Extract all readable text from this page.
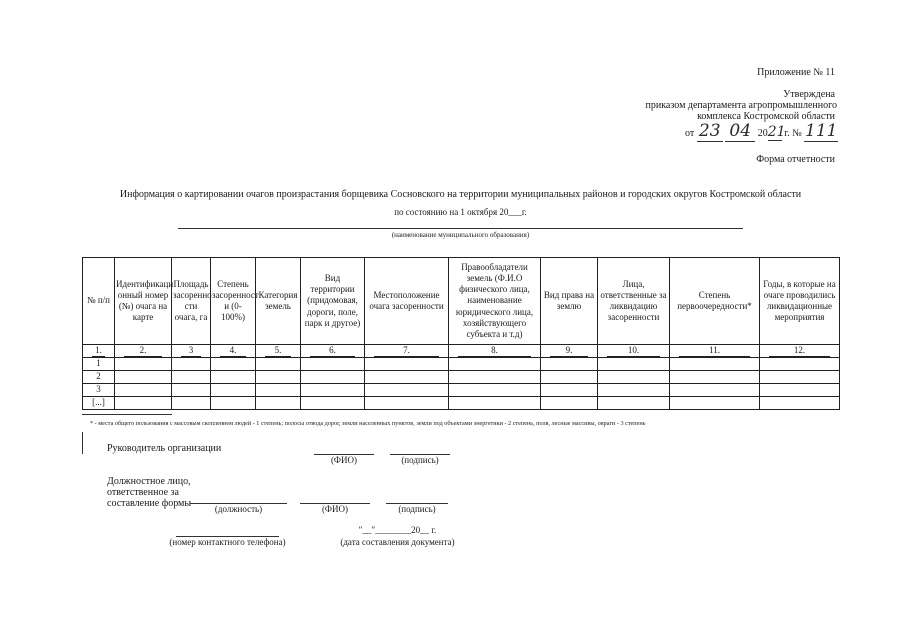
Приложение № 11
Утверждена
приказом департамента агропромышленного
комплекса Костромской области
от 23 04 2021 г. № 111
Форма отчетности
Информация о картировании очагов произрастания борщевика Сосновского на территории муниципальных районов и городских округов Костромской области
по состоянию на 1 октября 20___г.
(наименование муниципального образования)
№ п/п	Идентификаци онный номер (№) очага на карте	Площадь засоренно сти очага, га	Степень засоренност и (0- 100%)	Категория земель	Вид территории (придомовая, дороги, поле, парк и другое)	Местоположение очага засоренности	Правообладатели земель (Ф.И.О физического лица, наименование юридического лица, хозяйствующего субъекта и т.д)	Вид права на землю	Лица, ответственные за ликвидацию засоренности	Степень первоочередности*	Годы, в которые на очаге проводились ликвидационные мероприятия

1.	2.	3	4.	5.	6.	7.	8.	9.	10.	11.	12.

1											
2											
3											
[...]											
* - места общего пользования с массовым скоплением людей - 1 степень; полосы отвода дорог, земли населенных пунктов, земли под объектами энергетики - 2 степень, поля, лесные массивы, овраги - 3 степень
Руководитель организации
(ФИО)	(подпись)
Должностное лицо,
ответственное за
составление формы	(должность)	(ФИО)	(подпись)
(номер контактного телефона)
"__"________20__ г.
(дата составления документа)
